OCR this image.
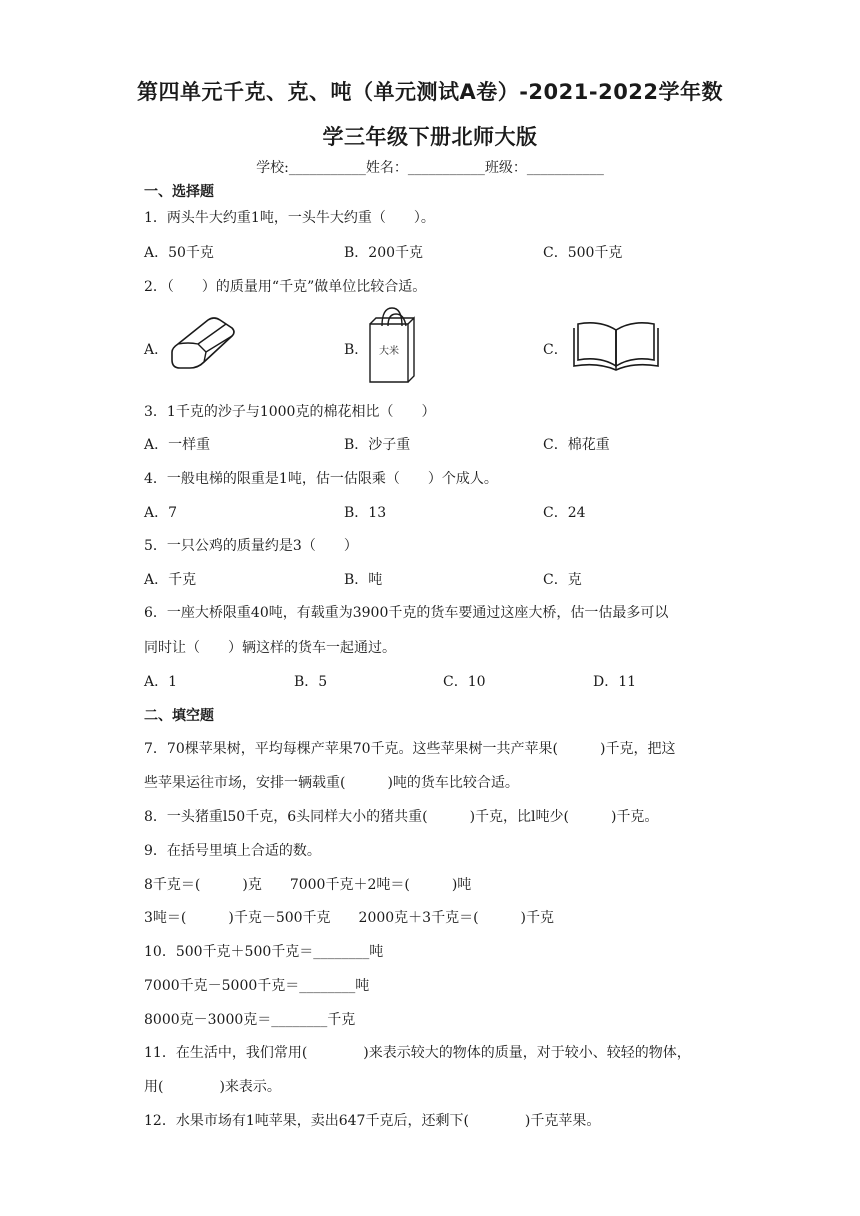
第四单元千克、克、吨（单元测试A卷）-2021-2022学年数
学三年级下册北师大版
学校:___________姓名：___________班级：___________
一、选择题
1．两头牛大约重1吨，一头牛大约重（　　）。
A．50千克	B．200千克	C．500千克
2．（　　）的质量用“千克”做单位比较合适。
A．	B． 大米	C．
3．1千克的沙子与1000克的棉花相比（　　）
A．一样重	B．沙子重	C．棉花重
4．一般电梯的限重是1吨，估一估限乘（　　）个成人。
A．7	B．13	C．24
5．一只公鸡的质量约是3（　　）
A．千克	B．吨	C．克
6．一座大桥限重40吨，有载重为3900千克的货车要通过这座大桥，估一估最多可以
同时让（　　）辆这样的货车一起通过。
A．1	B．5	C．10	D．11
二、填空题
7．70棵苹果树，平均每棵产苹果70千克。这些苹果树一共产苹果(　　　)千克，把这
些苹果运往市场，安排一辆载重(　　　)吨的货车比较合适。
8．一头猪重l50千克，6头同样大小的猪共重(　　　)千克，比l吨少(　　　)千克。
9．在括号里填上合适的数。
8千克＝(　　　)克　　7000千克＋2吨＝(　　　)吨
3吨＝(　　　)千克－500千克　　2000克＋3千克＝(　　　)千克
10．500千克＋500千克＝________吨
7000千克－5000千克＝________吨
8000克－3000克＝________千克
11．在生活中，我们常用(　　　　)来表示较大的物体的质量，对于较小、较轻的物体，
用(　　　　)来表示。
12．水果市场有1吨苹果，卖出647千克后，还剩下(　　　　)千克苹果。
